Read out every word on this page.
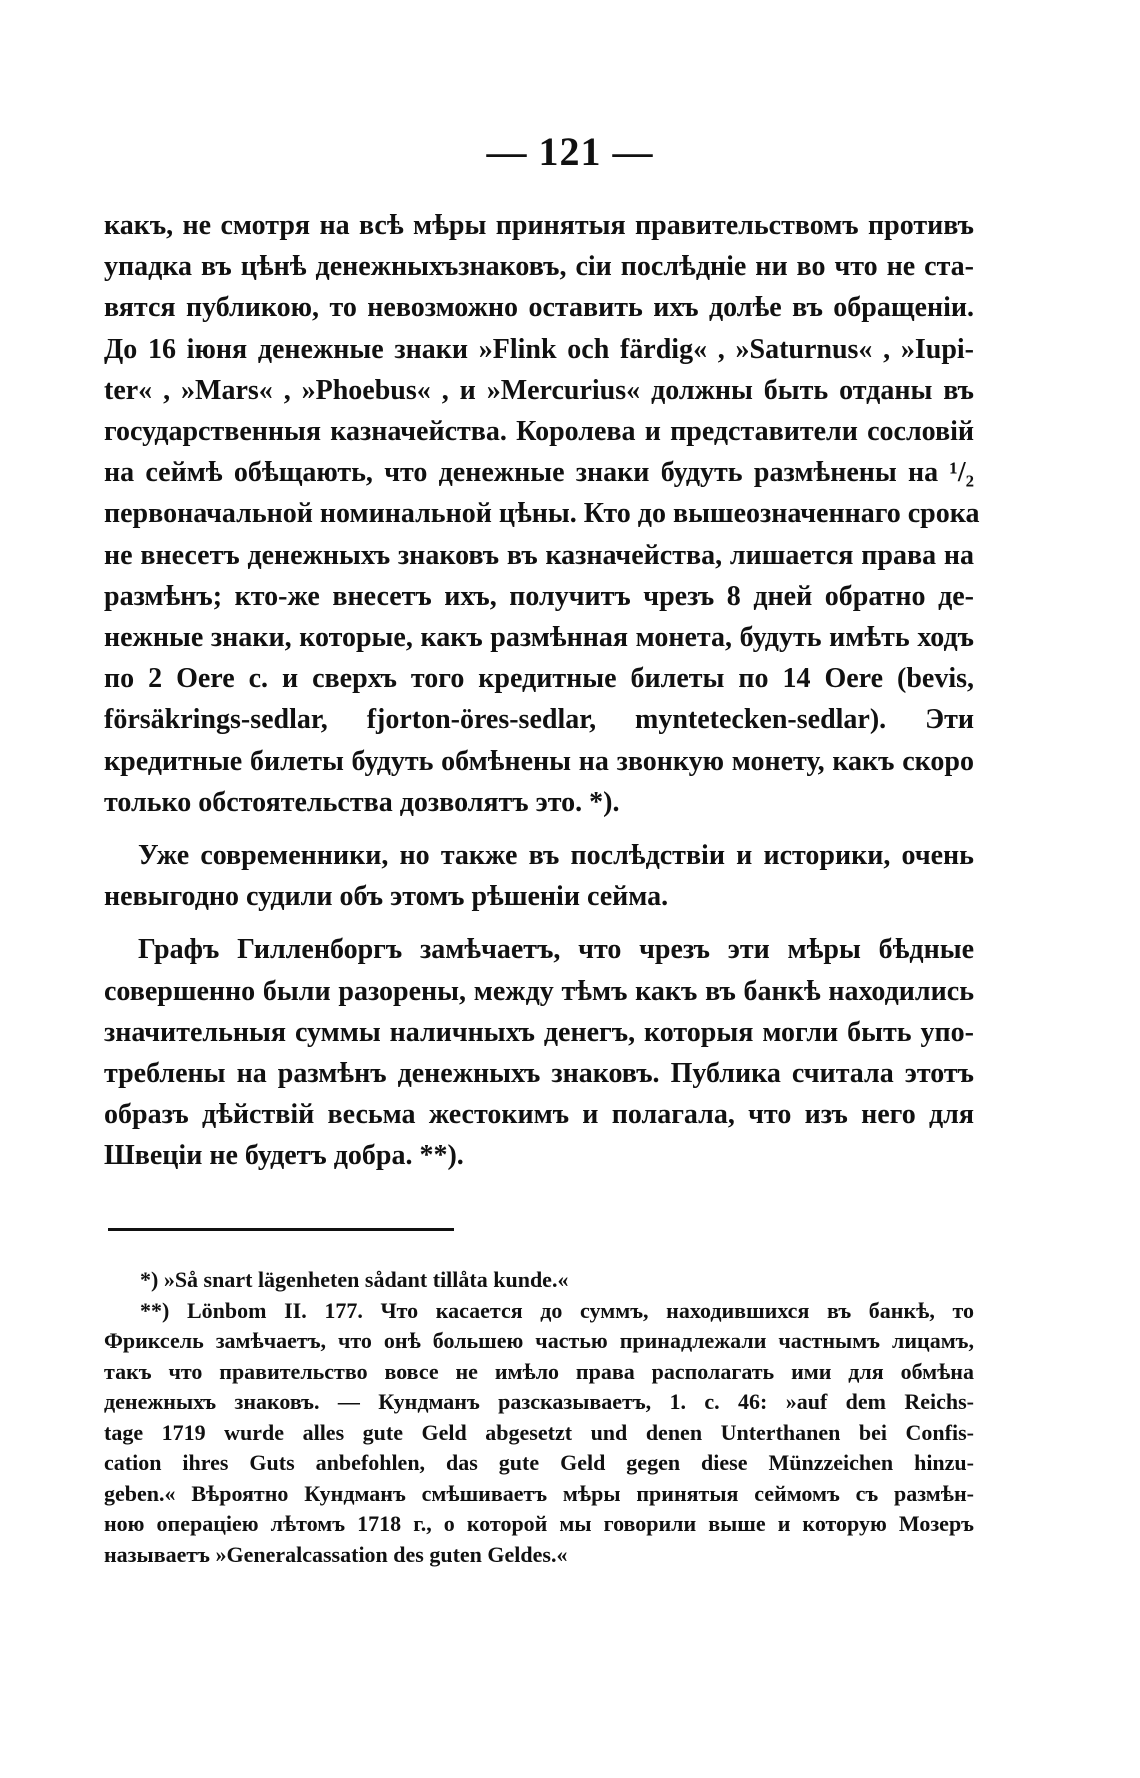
— 121 —
какъ, не смотря на всѣ мѣры принятыя правительствомъ противъ
упадка въ цѣнѣ денежныхъзнаковъ, сіи послѣдніе ни во что не ста-
вятся публикою, то невозможно оставить ихъ долѣе въ обращеніи.
До 16 іюня денежные знаки »Flink och färdig« , »Saturnus« , »Iupi-
ter« , »Mars« , »Phoebus« , и »Mercurius« должны быть отданы въ
государственныя казначейства. Королева и представители сословій
на сеймѣ обѣщають, что денежные знаки будуть размѣнены на ¹/₂
первоначальной номинальной цѣны. Кто до вышеозначеннаго срока
не внесетъ денежныхъ знаковъ въ казначейства, лишается права на
размѣнъ; кто-же внесетъ ихъ, получитъ чрезъ 8 дней обратно де-
нежные знаки, которые, какъ размѣнная монета, будуть имѣть ходъ
по 2 Oere с. и сверхъ того кредитные билеты по 14 Oere (bevis,
försäkrings-sedlar, fjorton-öres-sedlar, myntetecken-sedlar). Эти
кредитные билеты будуть обмѣнены на звонкую монету, какъ скоро
только обстоятельства дозволятъ это. *).
Уже современники, но также въ послѣдствіи и историки, очень
невыгодно судили объ этомъ рѣшеніи сейма.
Графъ Гилленборгъ замѣчаетъ, что чрезъ эти мѣры бѣдные
совершенно были разорены, между тѣмъ какъ въ банкѣ находились
значительныя суммы наличныхъ денегъ, которыя могли быть упо-
треблены на размѣнъ денежныхъ знаковъ. Публика считала этотъ
образъ дѣйствій весьма жестокимъ и полагала, что изъ него для
Швеціи не будетъ добра. **).
*) »Så snart lägenheten sådant tillåta kunde.«
**) Lönbom II. 177. Что касается до суммъ, находившихся въ банкѣ, то
Фриксель замѣчаетъ, что онѣ большею частью принадлежали частнымъ лицамъ,
такъ что правительство вовсе не имѣло права располагать ими для обмѣна
денежныхъ знаковъ. — Кундманъ разсказываетъ, 1. с. 46: »auf dem Reichs-
tage 1719 wurde alles gute Geld abgesetzt und denen Unterthanen bei Confis-
cation ihres Guts anbefohlen, das gute Geld gegen diese Münzzeichen hinzu-
geben.« Вѣроятно Кундманъ смѣшиваетъ мѣры принятыя сеймомъ съ размѣн-
ною операціею лѣтомъ 1718 г., о которой мы говорили выше и которую Мозеръ
называетъ »Generalcassation des guten Geldes.«
